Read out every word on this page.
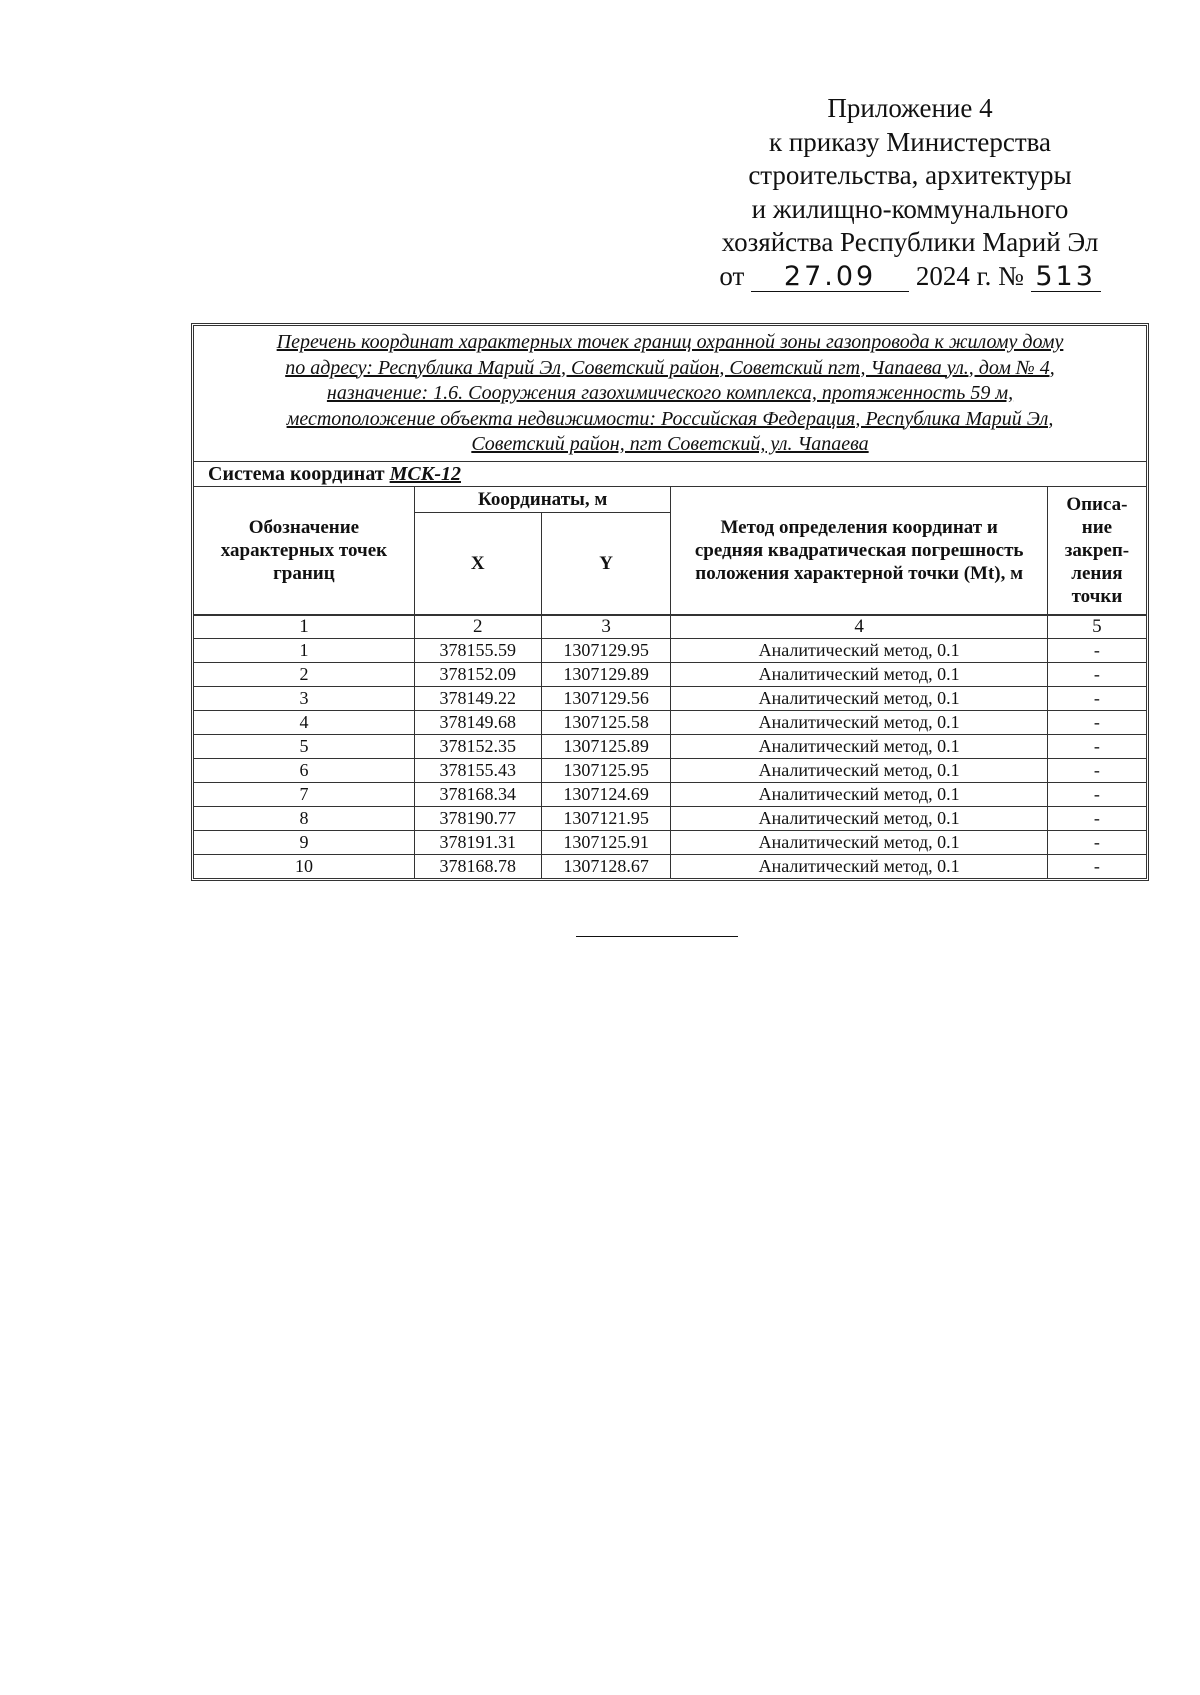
Приложение 4
к приказу Министерства
строительства, архитектуры
и жилищно-коммунального
хозяйства Республики Марий Эл
от 27.09 2024 г. № 513
Перечень координат характерных точек границ охранной зоны газопровода к жилому дому
по адресу: Республика Марий Эл, Советский район, Советский пгт, Чапаева ул., дом № 4,
назначение: 1.6. Сооружения газохимического комплекса, протяженность 59 м,
местоположение объекта недвижимости: Российская Федерация, Республика Марий Эл,
Советский район, пгт Советский, ул. Чапаева
Система координат МСК-12
Обозначение характерных точек границ	Координаты, м		Метод определения координат и средняя квадратическая погрешность положения характерной точки (Mt), м	Описа-ние закреп-ления точки
	X	Y		
1	2	3	4	5
1	378155.59	1307129.95	Аналитический метод, 0.1	-
2	378152.09	1307129.89	Аналитический метод, 0.1	-
3	378149.22	1307129.56	Аналитический метод, 0.1	-
4	378149.68	1307125.58	Аналитический метод, 0.1	-
5	378152.35	1307125.89	Аналитический метод, 0.1	-
6	378155.43	1307125.95	Аналитический метод, 0.1	-
7	378168.34	1307124.69	Аналитический метод, 0.1	-
8	378190.77	1307121.95	Аналитический метод, 0.1	-
9	378191.31	1307125.91	Аналитический метод, 0.1	-
10	378168.78	1307128.67	Аналитический метод, 0.1	-
